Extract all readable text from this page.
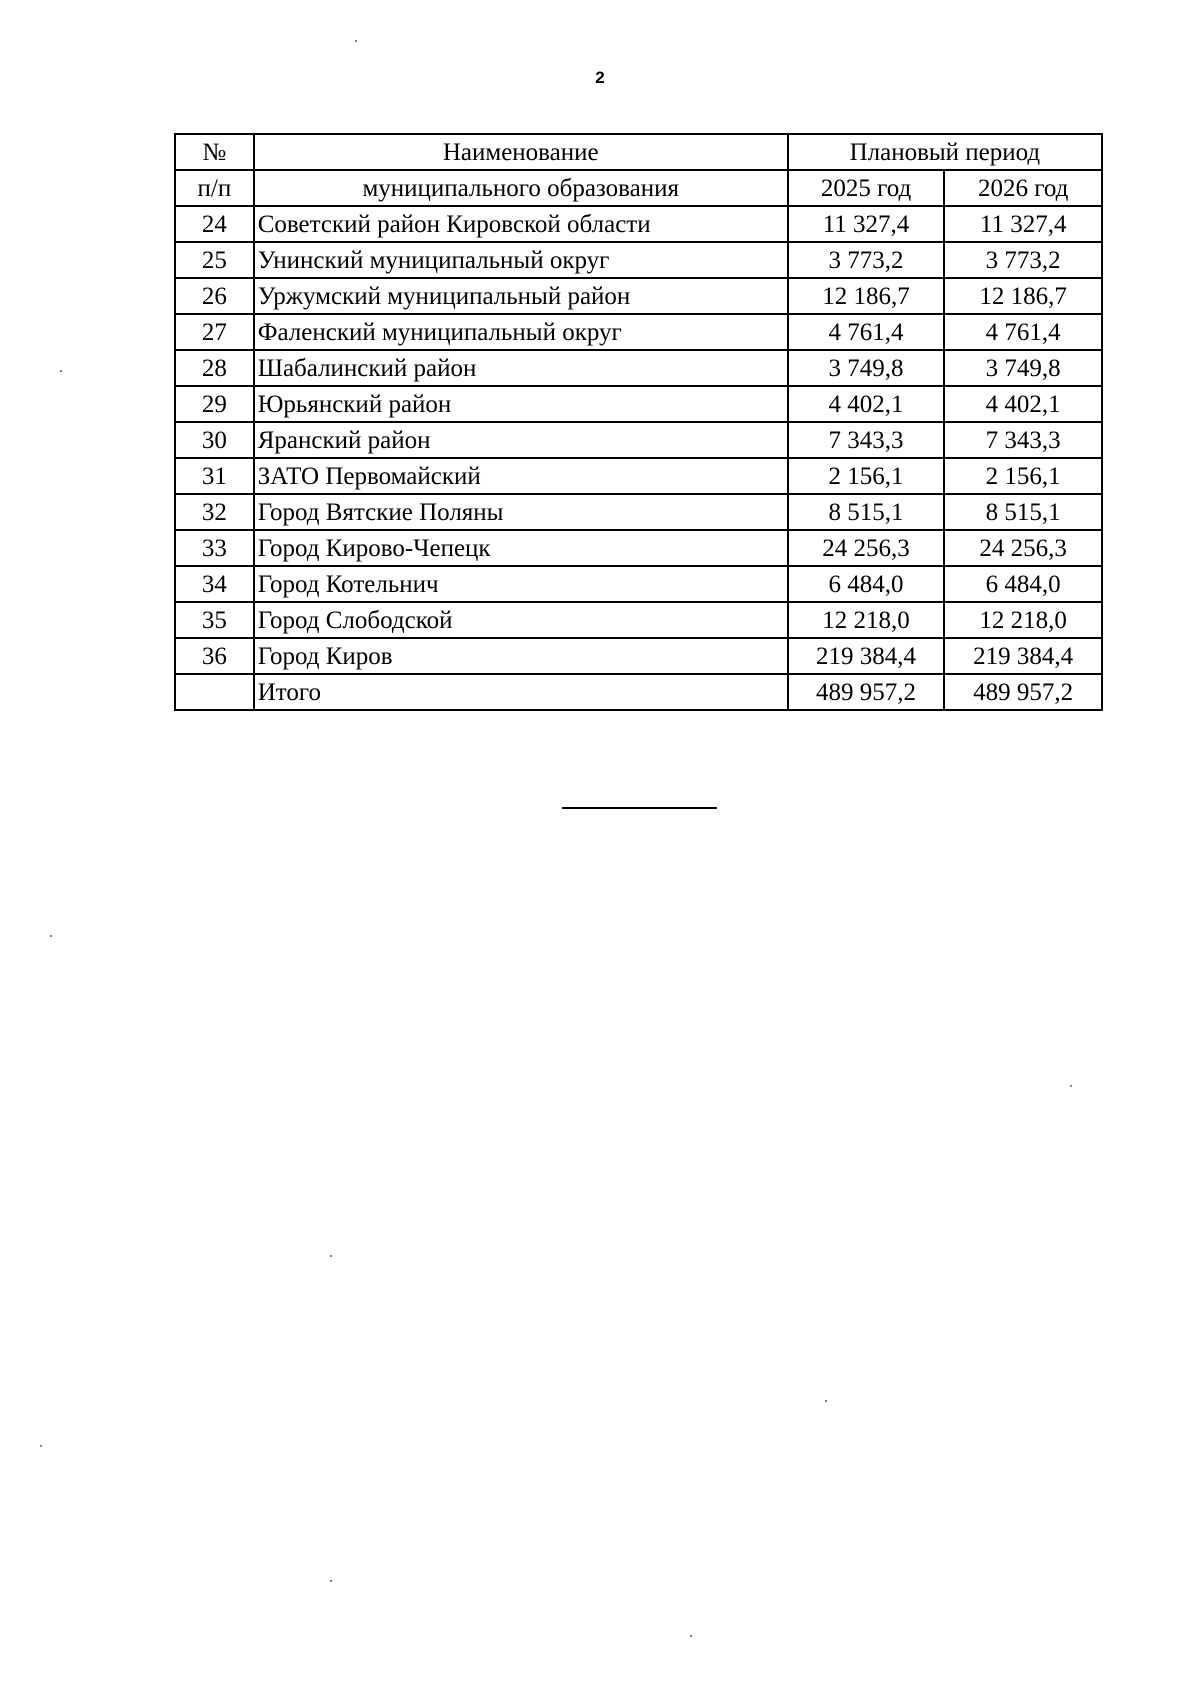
2
№	Наименование	Плановый период	
п/п	муниципального образования	2025 год	2026 год
24	Советский район Кировской области	11 327,4	11 327,4
25	Унинский муниципальный округ	3 773,2	3 773,2
26	Уржумский муниципальный район	12 186,7	12 186,7
27	Фаленский муниципальный округ	4 761,4	4 761,4
28	Шабалинский район	3 749,8	3 749,8
29	Юрьянский район	4 402,1	4 402,1
30	Яранский район	7 343,3	7 343,3
31	ЗАТО Первомайский	2 156,1	2 156,1
32	Город Вятские Поляны	8 515,1	8 515,1
33	Город Кирово-Чепецк	24 256,3	24 256,3
34	Город Котельнич	6 484,0	6 484,0
35	Город Слободской	12 218,0	12 218,0
36	Город Киров	219 384,4	219 384,4
	Итого	489 957,2	489 957,2
